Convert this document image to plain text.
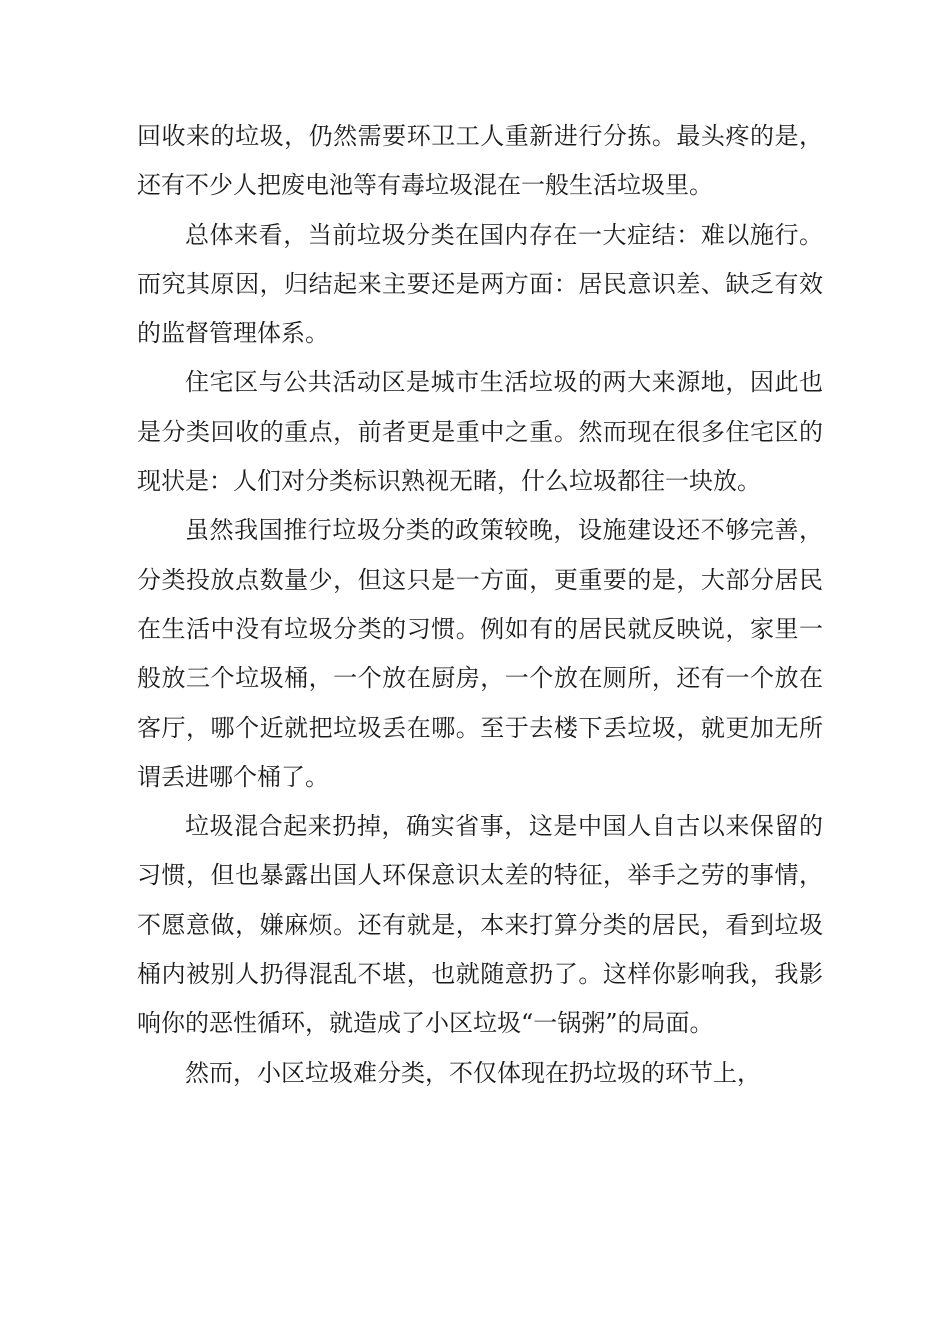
回收来的垃圾，仍然需要环卫工人重新进行分拣。最头疼的是，还有不少人把废电池等有毒垃圾混在一般生活垃圾里。

总体来看，当前垃圾分类在国内存在一大症结：难以施行。而究其原因，归结起来主要还是两方面：居民意识差、缺乏有效的监督管理体系。

住宅区与公共活动区是城市生活垃圾的两大来源地，因此也是分类回收的重点，前者更是重中之重。然而现在很多住宅区的现状是：人们对分类标识熟视无睹，什么垃圾都往一块放。

虽然我国推行垃圾分类的政策较晚，设施建设还不够完善，分类投放点数量少，但这只是一方面，更重要的是，大部分居民在生活中没有垃圾分类的习惯。例如有的居民就反映说，家里一般放三个垃圾桶，一个放在厨房，一个放在厕所，还有一个放在客厅，哪个近就把垃圾丢在哪。至于去楼下丢垃圾，就更加无所谓丢进哪个桶了。

垃圾混合起来扔掉，确实省事，这是中国人自古以来保留的习惯，但也暴露出国人环保意识太差的特征，举手之劳的事情，不愿意做，嫌麻烦。还有就是，本来打算分类的居民，看到垃圾桶内被别人扔得混乱不堪，也就随意扔了。这样你影响我，我影响你的恶性循环，就造成了小区垃圾“一锅粥”的局面。

然而，小区垃圾难分类，不仅体现在扔垃圾的环节上，
